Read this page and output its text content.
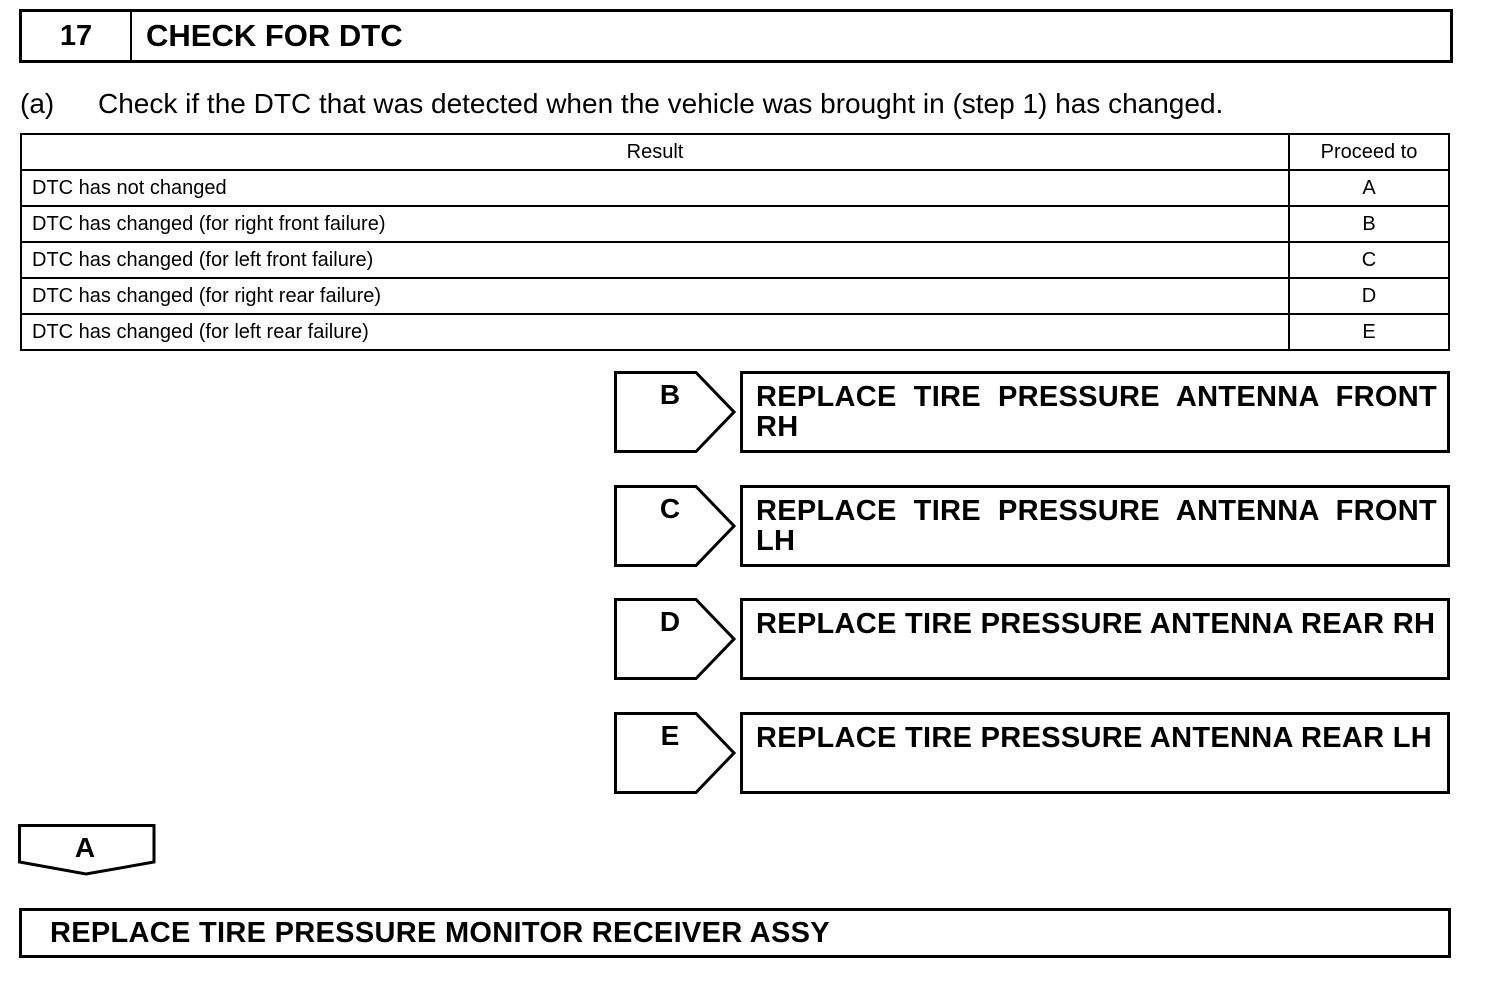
17	CHECK FOR DTC
(a) Check if the DTC that was detected when the vehicle was brought in (step 1) has changed.
Result	Proceed to
DTC has not changed	A
DTC has changed (for right front failure)	B
DTC has changed (for left front failure)	C
DTC has changed (for right rear failure)	D
DTC has changed (for left rear failure)	E
B	REPLACE TIRE PRESSURE ANTENNA FRONT RH
C	REPLACE TIRE PRESSURE ANTENNA FRONT LH
D	REPLACE TIRE PRESSURE ANTENNA REAR RH
E	REPLACE TIRE PRESSURE ANTENNA REAR LH
A
REPLACE TIRE PRESSURE MONITOR RECEIVER ASSY
